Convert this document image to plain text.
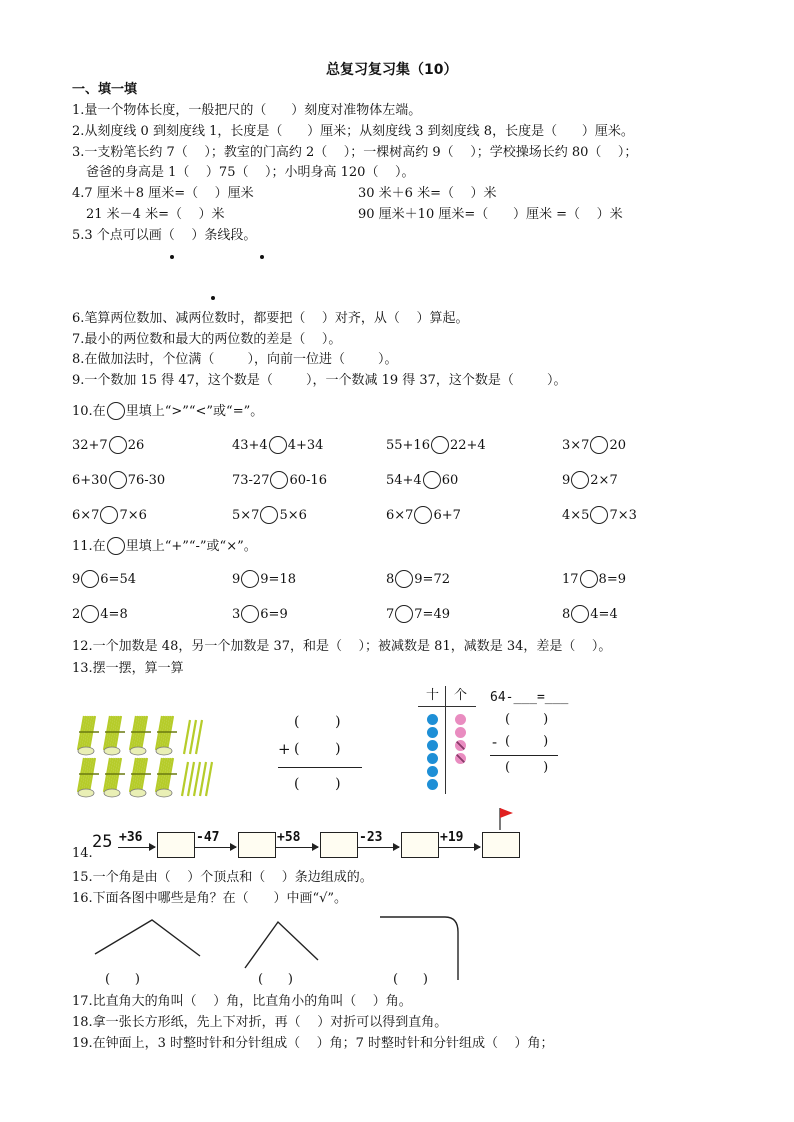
总复习复习集（10）
一、填一填
1.量一个物体长度，一般把尺的（      ）刻度对准物体左端。
2.从刻度线 0 到刻度线 1，长度是（      ）厘米；从刻度线 3 到刻度线 8，长度是（      ）厘米。
3.一支粉笔长约 7（    ）；教室的门高约 2（    ）；一棵树高约 9（    ）；学校操场长约 80（    ）；
爸爸的身高是 1（    ）75（    ）；小明身高 120（    ）。
4.7 厘米＋8 厘米=（    ）厘米	30 米＋6 米=（    ）米
21 米－4 米=（    ）米	90 厘米＋10 厘米=（      ）厘米 =（    ）米
5.3 个点可以画（    ）条线段。
6.笔算两位数加、减两位数时，都要把（    ）对齐，从（    ）算起。
7.最小的两位数和最大的两位数的差是（    ）。
8.在做加法时，个位满（        ），向前一位进（        ）。
9.一个数加 15 得 47，这个数是（        ），一个数减 19 得 37，这个数是（        ）。
10.在 里填上“>”“<”或“=”。
32+7 26	43+4 4+34	55+16 22+4	3×7 20
6+30 76-30	73-27 60-16	54+4 60	9 2×7
6×7 7×6	5×7 5×6	6×7 6+7	4×5 7×3
11.在 里填上“+”“-”或“×”。
9 6=54	9 9=18	8 9=72	17 8=9
2 4=8	3 6=9	7 7=49	8 4=4
12.一个加数是 48，另一个加数是 37，和是（    ）；被减数是 81，减数是 34，差是（    ）。
13.摆一摆，算一算
(        )
+ (        )
(        )
十 个 64-___=___
(        )
- (        )
(        )
14.
25 +36	-47	+58	-23	+19
15.一个角是由（    ）个顶点和（    ）条边组成的。
16.下面各图中哪些是角？在（      ）中画“√”。
(      )	(      )	(      )
17.比直角大的角叫（    ）角，比直角小的角叫（    ）角。
18.拿一张长方形纸，先上下对折，再（    ）对折可以得到直角。
19.在钟面上，3 时整时针和分针组成（    ）角；7 时整时针和分针组成（    ）角；
